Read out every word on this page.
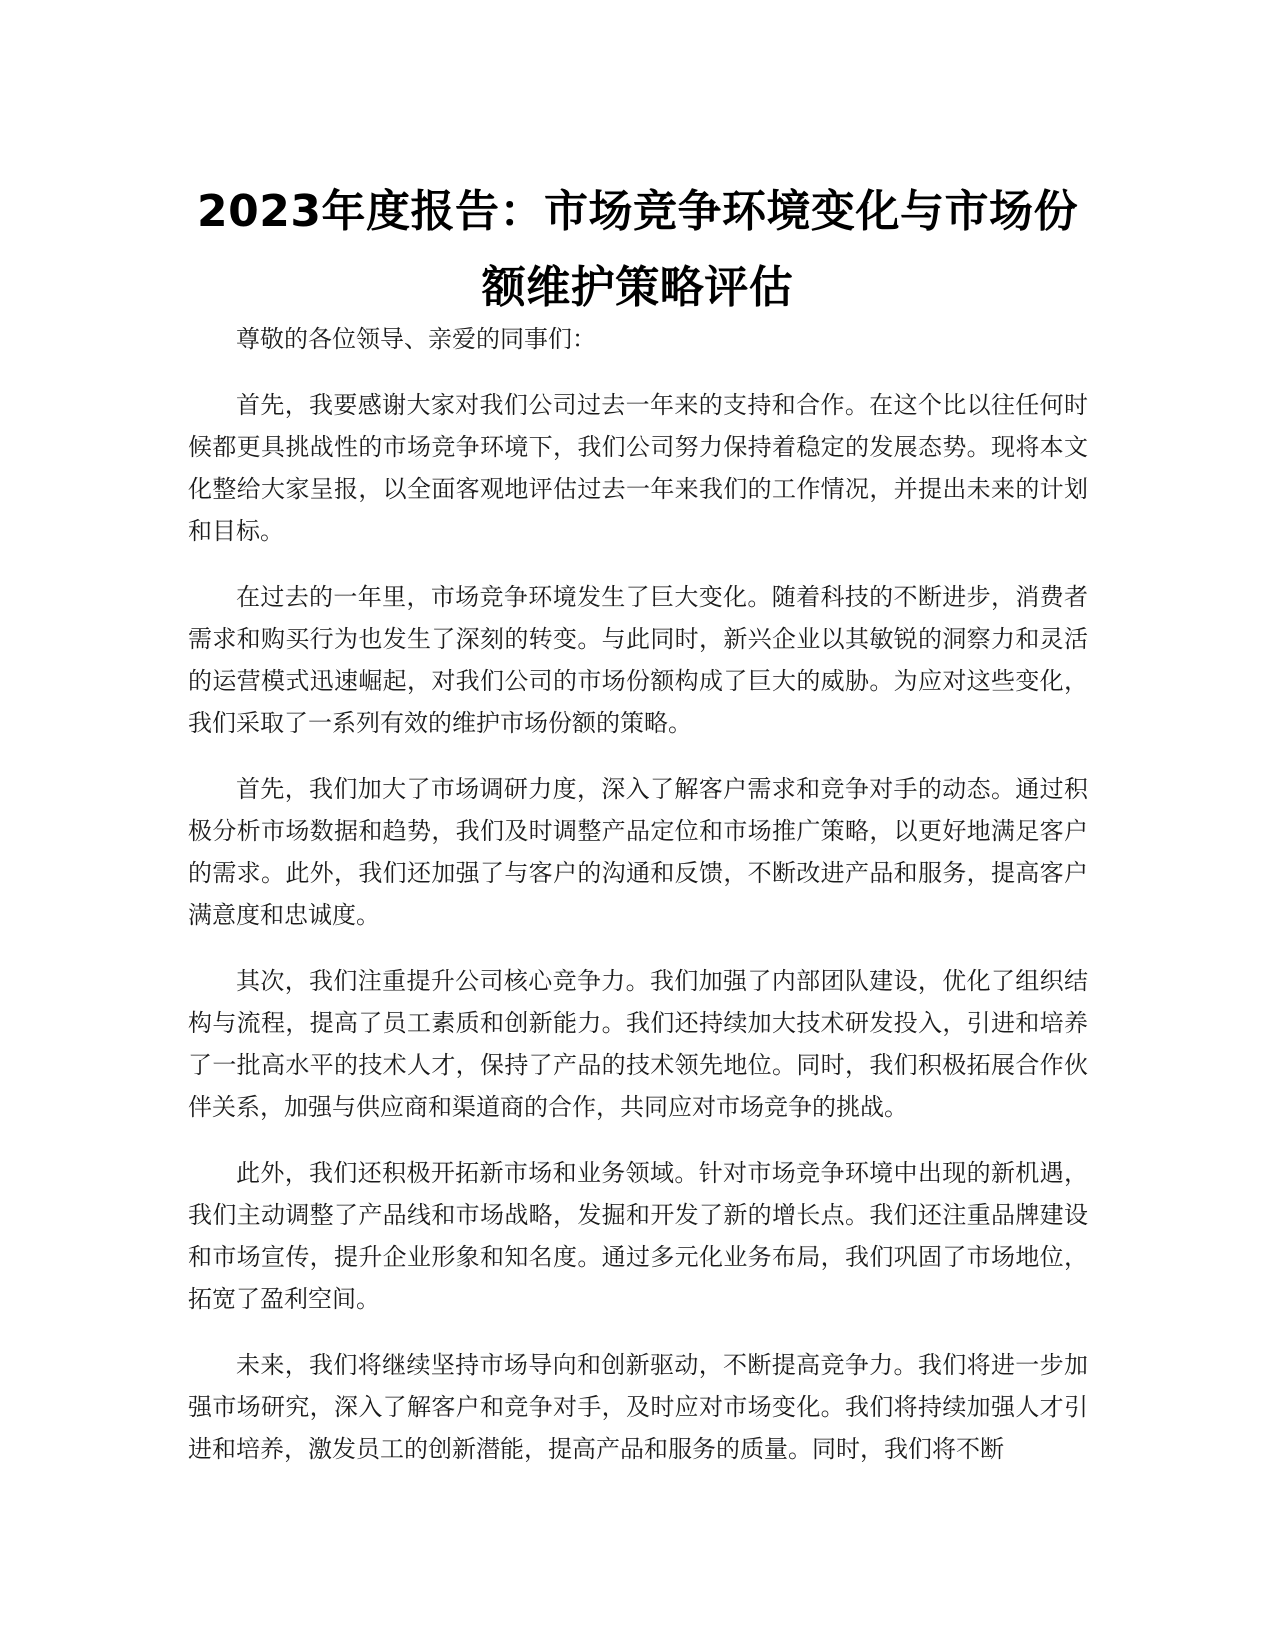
2023年度报告：市场竞争环境变化与市场份额维护策略评估

尊敬的各位领导、亲爱的同事们：

首先，我要感谢大家对我们公司过去一年来的支持和合作。在这个比以往任何时候都更具挑战性的市场竞争环境下，我们公司努力保持着稳定的发展态势。现将本文化整给大家呈报，以全面客观地评估过去一年来我们的工作情况，并提出未来的计划和目标。

在过去的一年里，市场竞争环境发生了巨大变化。随着科技的不断进步，消费者需求和购买行为也发生了深刻的转变。与此同时，新兴企业以其敏锐的洞察力和灵活的运营模式迅速崛起，对我们公司的市场份额构成了巨大的威胁。为应对这些变化，我们采取了一系列有效的维护市场份额的策略。

首先，我们加大了市场调研力度，深入了解客户需求和竞争对手的动态。通过积极分析市场数据和趋势，我们及时调整产品定位和市场推广策略，以更好地满足客户的需求。此外，我们还加强了与客户的沟通和反馈，不断改进产品和服务，提高客户满意度和忠诚度。

其次，我们注重提升公司核心竞争力。我们加强了内部团队建设，优化了组织结构与流程，提高了员工素质和创新能力。我们还持续加大技术研发投入，引进和培养了一批高水平的技术人才，保持了产品的技术领先地位。同时，我们积极拓展合作伙伴关系，加强与供应商和渠道商的合作，共同应对市场竞争的挑战。

此外，我们还积极开拓新市场和业务领域。针对市场竞争环境中出现的新机遇，我们主动调整了产品线和市场战略，发掘和开发了新的增长点。我们还注重品牌建设和市场宣传，提升企业形象和知名度。通过多元化业务布局，我们巩固了市场地位，拓宽了盈利空间。

未来，我们将继续坚持市场导向和创新驱动，不断提高竞争力。我们将进一步加强市场研究，深入了解客户和竞争对手，及时应对市场变化。我们将持续加强人才引进和培养，激发员工的创新潜能，提高产品和服务的质量。同时，我们将不断
